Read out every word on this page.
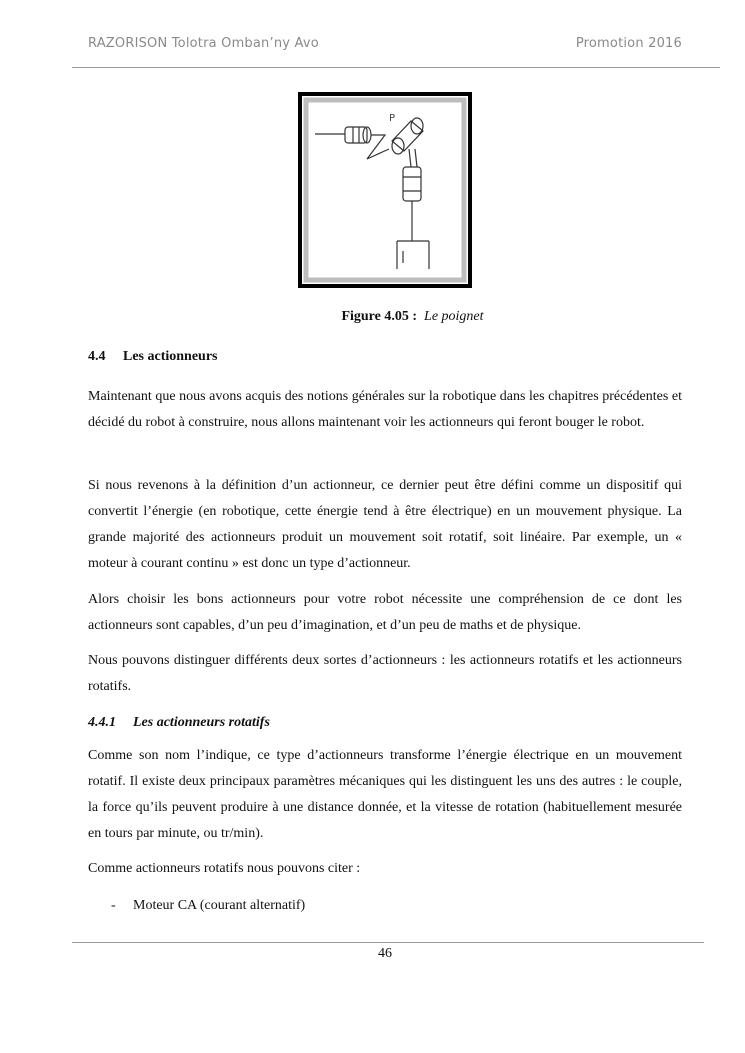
RAZORISON Tolotra Omban’ny Avo	Promotion 2016
P
Figure 4.05 : Le poignet
4.4 Les actionneurs
Maintenant que nous avons acquis des notions générales sur la robotique dans les chapitres précédentes et décidé du robot à construire, nous allons maintenant voir les actionneurs qui feront bouger le robot.
Si nous revenons à la définition d’un actionneur, ce dernier peut être défini comme un dispositif qui convertit l’énergie (en robotique, cette énergie tend à être électrique) en un mouvement physique. La grande majorité des actionneurs produit un mouvement soit rotatif, soit linéaire. Par exemple, un « moteur à courant continu » est donc un type d’actionneur.
Alors choisir les bons actionneurs pour votre robot nécessite une compréhension de ce dont les actionneurs sont capables, d’un peu d’imagination, et d’un peu de maths et de physique.
Nous pouvons distinguer différents deux sortes d’actionneurs : les actionneurs rotatifs et les actionneurs rotatifs.
4.4.1 Les actionneurs rotatifs
Comme son nom l’indique, ce type d’actionneurs transforme l’énergie électrique en un mouvement rotatif. Il existe deux principaux paramètres mécaniques qui les distinguent les uns des autres : le couple, la force qu’ils peuvent produire à une distance donnée, et la vitesse de rotation (habituellement mesurée en tours par minute, ou tr/min).
Comme actionneurs rotatifs nous pouvons citer :
- Moteur CA (courant alternatif)
46
